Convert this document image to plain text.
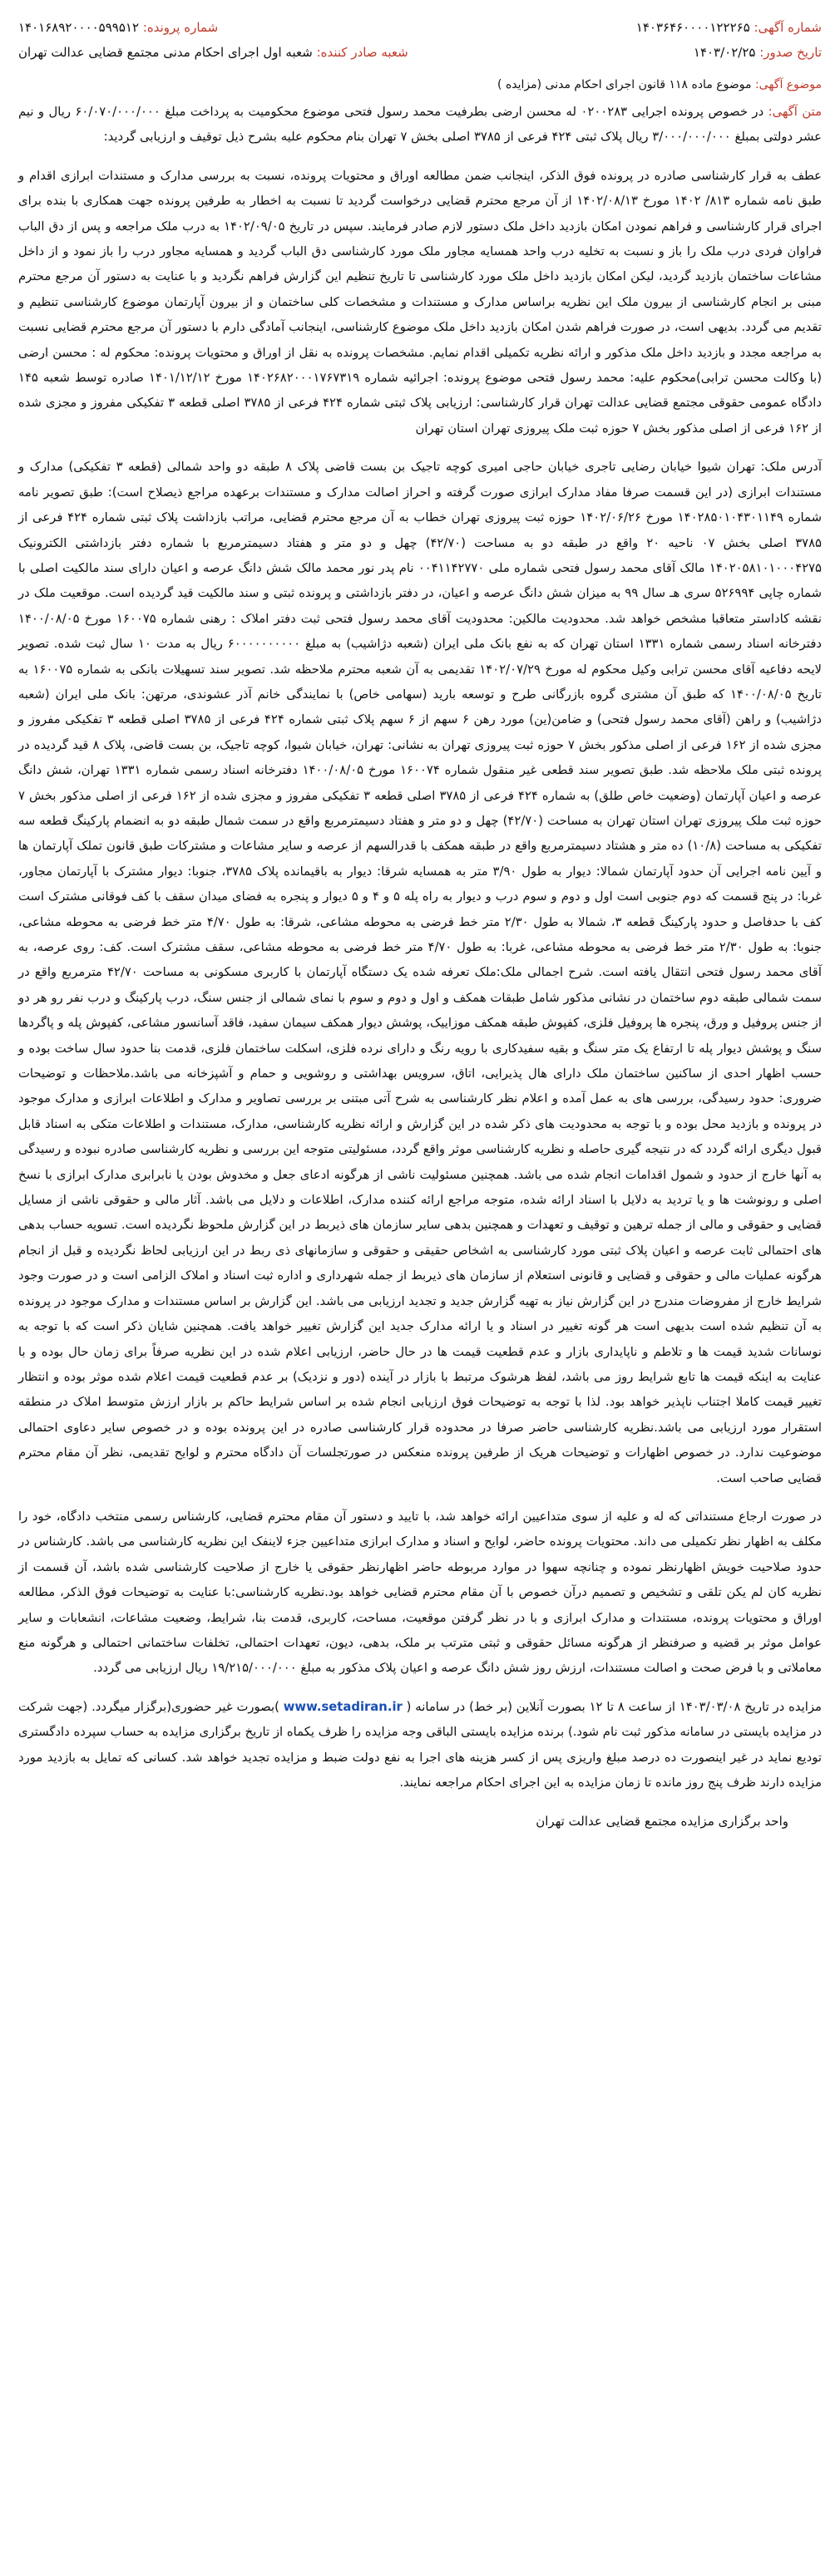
شماره آگهی: ۱۴۰۳۶۴۶۰۰۰۰۱۲۲۲۶۵
شماره پرونده: ۱۴۰۱۶۸۹۲۰۰۰۰۵۹۹۵۱۲
تاریخ صدور: ۱۴۰۳/۰۲/۲۵
شعبه صادر کننده: شعبه اول اجرای احکام مدنی مجتمع قضایی عدالت تهران
موضوع آگهی: موضوع ماده ۱۱۸ قانون اجرای احکام مدنی (مزایده )

متن آگهی: در خصوص پرونده اجرایی ۰۲۰۰۲۸۳ له محسن ارضی بطرفیت محمد رسول فتحی موضوع محکومیت به پرداخت مبلغ ۶۰/۰۷۰/۰۰۰/۰۰۰ ریال و نیم عشر دولتی بمبلغ ۳/۰۰۰/۰۰۰/۰۰۰ ریال پلاک ثبتی ۴۲۴ فرعی از ۳۷۸۵ اصلی بخش ۷ تهران بنام محکوم علیه بشرح ذیل توقیف و ارزیابی گردید:

عطف به قرار کارشناسی صادره در پرونده فوق الذکر، اینجانب ضمن مطالعه اوراق و محتویات پرونده، نسبت به بررسی مدارک و مستندات ابرازی اقدام و طبق نامه شماره ۸۱۳/ ۱۴۰۲ مورخ ۱۴۰۲/۰۸/۱۳ از آن مرجع محترم قضایی درخواست گردید تا نسبت به اخطار به طرفین پرونده جهت همکاری با بنده برای اجرای قرار کارشناسی و فراهم نمودن امکان بازدید داخل ملک دستور لازم صادر فرمایند. سپس در تاریخ ۱۴۰۲/۰۹/۰۵ به درب ملک مراجعه و پس از دق الباب فراوان فردی درب ملک را باز و نسبت به تخلیه درب واحد همسایه مجاور ملک مورد کارشناسی دق الباب گردید و همسایه مجاور درب را باز نمود و از داخل مشاعات ساختمان بازدید گردید، لیکن امکان بازدید داخل ملک مورد کارشناسی تا تاریخ تنظیم این گزارش فراهم نگردید و با عنایت به دستور آن مرجع محترم مبنی بر انجام کارشناسی از بیرون ملک این نظریه براساس مدارک و مستندات و مشخصات کلی ساختمان و از بیرون آپارتمان موضوع کارشناسی تنظیم و تقدیم می گردد. بدیهی است، در صورت فراهم شدن امکان بازدید داخل ملک موضوع کارشناسی، اینجانب آمادگی دارم با دستور آن مرجع محترم قضایی نسبت به مراجعه مجدد و بازدید داخل ملک مذکور و ارائه نظریه تکمیلی اقدام نمایم. مشخصات پرونده به نقل از اوراق و محتویات پرونده: محکوم له : محسن ارضی (با وکالت محسن ترابی)محکوم علیه: محمد رسول فتحی موضوع پرونده: اجرائیه شماره ۱۴۰۲۶۸۲۰۰۰۱۷۶۷۳۱۹ مورخ ۱۴۰۱/۱۲/۱۲ صادره توسط شعبه ۱۴۵ دادگاه عمومی حقوقی مجتمع قضایی عدالت تهران قرار کارشناسی: ارزیابی پلاک ثبتی شماره ۴۲۴ فرعی از ۳۷۸۵ اصلی قطعه ۳ تفکیکی مفروز و مجزی شده از ۱۶۲ فرعی از اصلی مذکور بخش ۷ حوزه ثبت ملک پیروزی تهران استان تهران

آدرس ملک: تهران شیوا خیابان رضایی تاجری خیابان حاجی امیری کوچه تاجیک بن بست قاضی پلاک ۸ طبقه دو واحد شمالی (قطعه ۳ تفکیکی) مدارک و مستندات ابرازی (در این قسمت صرفا مفاد مدارک ابرازی صورت گرفته و احراز اصالت مدارک و مستندات برعهده مراجع ذیصلاح است): طبق تصویر نامه شماره ۱۴۰۲۸۵۰۱۰۴۳۰۱۱۴۹ مورخ ۱۴۰۲/۰۶/۲۶ حوزه ثبت پیروزی تهران خطاب به آن مرجع محترم قضایی، مراتب بازداشت پلاک ثبتی شماره ۴۲۴ فرعی از ۳۷۸۵ اصلی بخش ۰۷ ناحیه ۲۰ واقع در طبقه دو به مساحت (۴۲/۷۰) چهل و دو متر و هفتاد دسیمترمربع با شماره دفتر بازداشتی الکترونیک ۱۴۰۲۰۵۸۱۰۱۰۰۰۴۲۷۵ مالک آقای محمد رسول فتحی شماره ملی ۰۰۴۱۱۴۲۷۷۰ نام پدر نور محمد مالک شش دانگ عرصه و اعیان دارای سند مالکیت اصلی با شماره چاپی ۵۲۶۹۹۴ سری هـ سال ۹۹ به میزان شش دانگ عرصه و اعیان، در دفتر بازداشتی و پرونده ثبتی و سند مالکیت قید گردیده است. موقعیت ملک در نقشه کاداستر متعاقبا مشخص خواهد شد. محدودیت مالکین: محدودیت آقای محمد رسول فتحی ثبت دفتر املاک : رهنی شماره ۱۶۰۰۷۵ مورخ ۱۴۰۰/۰۸/۰۵ دفترخانه اسناد رسمی شماره ۱۳۳۱ استان تهران که به نفع بانک ملی ایران (شعبه دژاشیب) به مبلغ ۶۰۰۰۰۰۰۰۰۰۰ ریال به مدت ۱۰ سال ثبت شده. تصویر لایحه دفاعیه آقای محسن ترابی وکیل محکوم له مورخ ۱۴۰۲/۰۷/۲۹ تقدیمی به آن شعبه محترم ملاحظه شد. تصویر سند تسهیلات بانکی به شماره ۱۶۰۰۷۵ به تاریخ ۱۴۰۰/۰۸/۰۵ که طبق آن مشتری گروه بازرگانی طرح و توسعه بارید (سهامی خاص) با نمایندگی خانم آذر عشوندی، مرتهن: بانک ملی ایران (شعبه دژاشیب) و راهن (آقای محمد رسول فتحی) و ضامن(ین) مورد رهن ۶ سهم از ۶ سهم پلاک ثبتی شماره ۴۲۴ فرعی از ۳۷۸۵ اصلی قطعه ۳ تفکیکی مفروز و مجزی شده از ۱۶۲ فرعی از اصلی مذکور بخش ۷ حوزه ثبت پیروزی تهران به نشانی: تهران، خیابان شیوا، کوچه تاجیک، بن بست قاضی، پلاک ۸ قید گردیده در پرونده ثبتی ملک ملاحظه شد. طبق تصویر سند قطعی غیر منقول شماره ۱۶۰۰۷۴ مورخ ۱۴۰۰/۰۸/۰۵ دفترخانه اسناد رسمی شماره ۱۳۳۱ تهران، شش دانگ عرصه و اعیان آپارتمان (وضعیت خاص طلق) به شماره ۴۲۴ فرعی از ۳۷۸۵ اصلی قطعه ۳ تفکیکی مفروز و مجزی شده از ۱۶۲ فرعی از اصلی مذکور بخش ۷ حوزه ثبت ملک پیروزی تهران استان تهران به مساحت (۴۲/۷۰) چهل و دو متر و هفتاد دسیمترمربع واقع در سمت شمال طبقه دو به انضمام پارکینگ قطعه سه تفکیکی به مساحت (۱۰/۸) ده متر و هشتاد دسیمترمربع واقع در طبقه همکف با قدرالسهم از عرصه و سایر مشاعات و مشترکات طبق قانون تملک آپارتمان ها و آیین نامه اجرایی آن حدود آپارتمان شمالا: دیوار به طول ۳/۹۰ متر به همسایه شرقا: دیوار به باقیمانده پلاک ۳۷۸۵، جنوبا: دیوار مشترک با آپارتمان مجاور، غربا: در پنج قسمت که دوم جنوبی است اول و دوم و سوم درب و دیوار به راه پله ۵ و ۴ و ۵ دیوار و پنجره به فضای میدان سقف با کف فوقانی مشترک است کف با حدفاصل و حدود پارکینگ قطعه ۳، شمالا به طول ۲/۳۰ متر خط فرضی به محوطه مشاعی، شرقا: به طول ۴/۷۰ متر خط فرضی به محوطه مشاعی، جنوبا: به طول ۲/۳۰ متر خط فرضی به محوطه مشاعی، غربا: به طول ۴/۷۰ متر خط فرضی به محوطه مشاعی، سقف مشترک است. کف: روی عرصه، به آقای محمد رسول فتحی انتقال یافته است. شرح اجمالی ملک:ملک تعرفه شده یک دستگاه آپارتمان با کاربری مسکونی به مساحت ۴۲/۷۰ مترمربع واقع در سمت شمالی طبقه دوم ساختمان در نشانی مذکور شامل طبقات همکف و اول و دوم و سوم با نمای شمالی از جنس سنگ، درب پارکینگ و درب نفر رو هر دو از جنس پروفیل و ورق، پنجره ها پروفیل فلزی، کفپوش طبقه همکف موزاییک، پوشش دیوار همکف سیمان سفید، فاقد آسانسور مشاعی، کفپوش پله و پاگردها سنگ و پوشش دیوار پله تا ارتفاع یک متر سنگ و بقیه سفیدکاری با رویه رنگ و دارای نرده فلزی، اسکلت ساختمان فلزی، قدمت بنا حدود سال ساخت بوده و حسب اظهار احدی از ساکنین ساختمان ملک دارای هال پذیرایی، اتاق، سرویس بهداشتی و روشویی و حمام و آشپزخانه می باشد.ملاحظات و توضیحات ضروری: حدود رسیدگی، بررسی های به عمل آمده و اعلام نظر کارشناسی به شرح آتی مبتنی بر بررسی تصاویر و مدارک و اطلاعات ابرازی و مدارک موجود در پرونده و بازدید محل بوده و با توجه به محدودیت های ذکر شده در این گزارش و ارائه نظریه کارشناسی، مدارک، مستندات و اطلاعات متکی به اسناد قابل قبول دیگری ارائه گردد که در نتیجه گیری حاصله و نظریه کارشناسی موثر واقع گردد، مسئولیتی متوجه این بررسی و نظریه کارشناسی صادره نبوده و رسیدگی به آنها خارج از حدود و شمول اقدامات انجام شده می باشد. همچنین مسئولیت ناشی از هرگونه ادعای جعل و مخدوش بودن یا نابرابری مدارک ابرازی با نسخ اصلی و رونوشت ها و یا تردید به دلایل با اسناد ارائه شده، متوجه مراجع ارائه کننده مدارک، اطلاعات و دلایل می باشد. آثار مالی و حقوقی ناشی از مسایل قضایی و حقوقی و مالی از جمله ترهین و توقیف و تعهدات و همچنین بدهی سایر سازمان های ذیربط در این گزارش ملحوظ نگردیده است. تسویه حساب بدهی های احتمالی ثابت عرصه و اعیان پلاک ثبتی مورد کارشناسی به اشخاص حقیقی و حقوقی و سازمانهای ذی ربط در این ارزیابی لحاظ نگردیده و قبل از انجام هرگونه عملیات مالی و حقوقی و قضایی و قانونی استعلام از سازمان های ذیربط از جمله شهرداری و اداره ثبت اسناد و املاک الزامی است و در صورت وجود شرایط خارج از مفروضات مندرج در این گزارش نیاز به تهیه گزارش جدید و تجدید ارزیابی می باشد. این گزارش بر اساس مستندات و مدارک موجود در پرونده به آن تنظیم شده است بدیهی است هر گونه تغییر در اسناد و یا ارائه مدارک جدید این گزارش تغییر خواهد یافت. همچنین شایان ذکر است که با توجه به نوسانات شدید قیمت ها و تلاطم و ناپایداری بازار و عدم قطعیت قیمت ها در حال حاضر، ارزیابی اعلام شده در این نظریه صرفاً برای زمان حال بوده و با عنایت به اینکه قیمت ها تابع شرایط روز می باشد، لفظ هرشوک مرتبط با بازار در آینده (دور و نزدیک) بر عدم قطعیت قیمت اعلام شده موثر بوده و انتظار تغییر قیمت کاملا اجتناب ناپذیر خواهد بود. لذا با توجه به توضیحات فوق ارزیابی انجام شده بر اساس شرایط حاکم بر بازار ارزش متوسط املاک در منطقه استقرار مورد ارزیابی می باشد.نظریه کارشناسی حاضر صرفا در محدوده قرار کارشناسی صادره در این پرونده بوده و در خصوص سایر دعاوی احتمالی موضوعیت ندارد. در خصوص اظهارات و توضیحات هریک از طرفین پرونده منعکس در صورتجلسات آن دادگاه محترم و لوایح تقدیمی، نظر آن مقام محترم قضایی صاحب است.

در صورت ارجاع مستنداتی که له و علیه از سوی متداعیین ارائه خواهد شد، با تایید و دستور آن مقام محترم قضایی، کارشناس رسمی منتخب دادگاه، خود را مکلف به اظهار نظر تکمیلی می داند. محتویات پرونده حاضر، لوایح و اسناد و مدارک ابرازی متداعیین جزء لاینفک این نظریه کارشناسی می باشد. کارشناس در حدود صلاحیت خویش اظهارنظر نموده و چنانچه سهوا در موارد مربوطه حاضر اظهارنظر حقوقی یا خارج از صلاحیت کارشناسی شده باشد، آن قسمت از نظریه کان لم یکن تلقی و تشخیص و تصمیم درآن خصوص با آن مقام محترم قضایی خواهد بود.نظریه کارشناسی:با عنایت به توضیحات فوق الذکر، مطالعه اوراق و محتویات پرونده، مستندات و مدارک ابرازی و با در نظر گرفتن موقعیت، مساحت، کاربری، قدمت بنا، شرایط، وضعیت مشاعات، انشعابات و سایر عوامل موثر بر قضیه و صرفنظر از هرگونه مسائل حقوقی و ثبتی مترتب بر ملک، بدهی، دیون، تعهدات احتمالی، تخلفات ساختمانی احتمالی و هرگونه منع معاملاتی و با فرض صحت و اصالت مستندات، ارزش روز شش دانگ عرصه و اعیان پلاک مذکور به مبلغ ۱۹/۲۱۵/۰۰۰/۰۰۰ ریال ارزیابی می گردد.

مزایده در تاریخ ۱۴۰۳/۰۳/۰۸ از ساعت ۸ تا ۱۲ بصورت آنلاین (بر خط) در سامانه ( www.setadiran.ir )بصورت غیر حضوری(برگزار میگردد. (جهت شرکت در مزایده بایستی در سامانه مذکور ثبت نام شود.) برنده مزایده بایستی الباقی وجه مزایده را ظرف یکماه از تاریخ برگزاری مزایده به حساب سپرده دادگستری تودیع نماید در غیر اینصورت ده درصد مبلغ واریزی پس از کسر هزینه های اجرا به نفع دولت ضبط و مزایده تجدید خواهد شد. کسانی که تمایل به بازدید مورد مزایده دارند ظرف پنج روز مانده تا زمان مزایده به این اجرای احکام مراجعه نمایند.

واحد برگزاری مزایده مجتمع قضایی عدالت تهران
